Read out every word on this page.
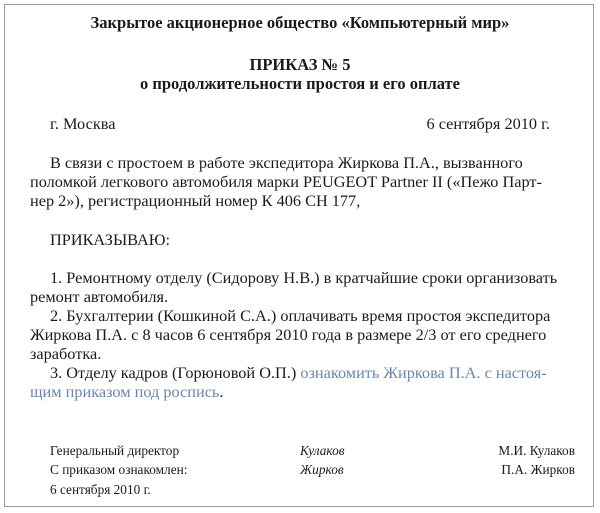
Закрытое акционерное общество «Компьютерный мир»
ПРИКАЗ № 5
о продолжительности простоя и его оплате
г. Москва	6 сентября 2010 г.
В связи с простоем в работе экспедитора Жиркова П.А., вызванного
поломкой легкового автомобиля марки PEUGEOT Partner II («Пежо Парт-
нер 2»), регистрационный номер К 406 СН 177,
ПРИКАЗЫВАЮ:
1. Ремонтному отделу (Сидорову Н.В.) в кратчайшие сроки организовать
ремонт автомобиля.
2. Бухгалтерии (Кошкиной С.А.) оплачивать время простоя экспедитора
Жиркова П.А. с 8 часов 6 сентября 2010 года в размере 2/3 от его среднего
заработка.
3. Отделу кадров (Горюновой О.П.) ознакомить Жиркова П.А. с настоя-
щим приказом под роспись.
Генеральный директор	Кулаков	М.И. Кулаков
С приказом ознакомлен:	Жирков	П.А. Жирков
6 сентября 2010 г.
